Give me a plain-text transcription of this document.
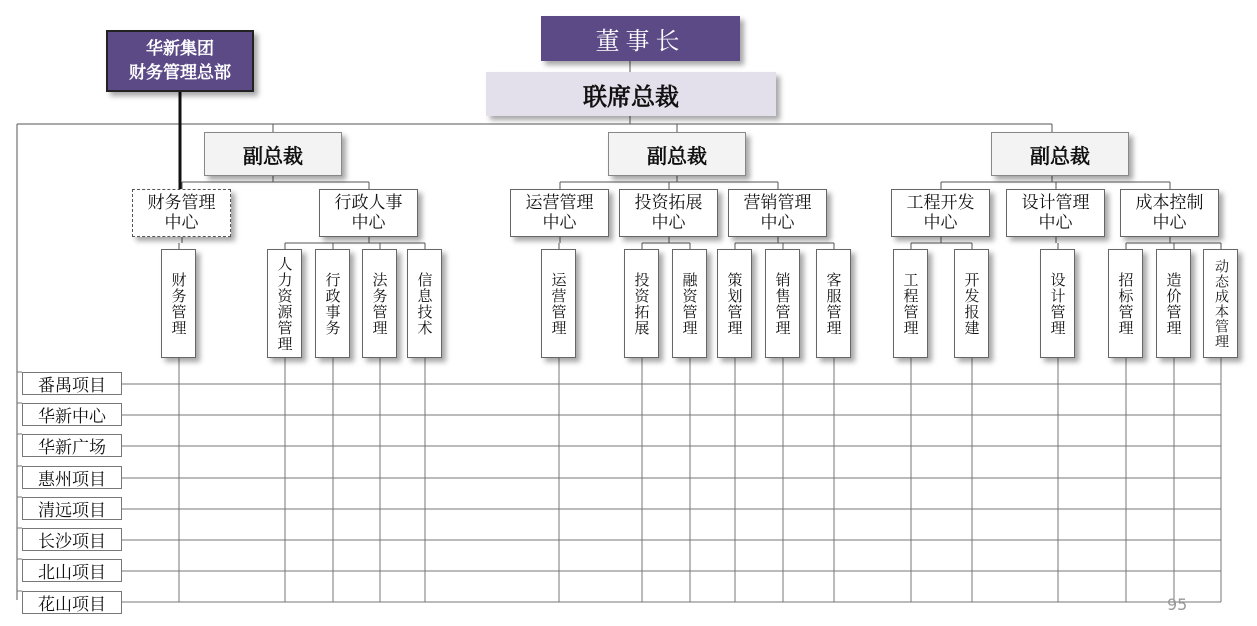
董事长
联席总裁
华新集团
财务管理总部
副总裁	副总裁	副总裁
财务管理
中心
行政人事
中心
运营管理
中心
投资拓展
中心
营销管理
中心
工程开发
中心
设计管理
中心
成本控制
中心
财务管理	人力资源管理 行政事务 法务管理 信息技术	运营管理	投资拓展 融资管理 策划管理 销售管理 客服管理	工程管理	开发报建	设计管理	招标管理 造价管理 动态成本管理
番禺项目
华新中心
华新广场
惠州项目
清远项目
长沙项目
北山项目
花山项目	95
